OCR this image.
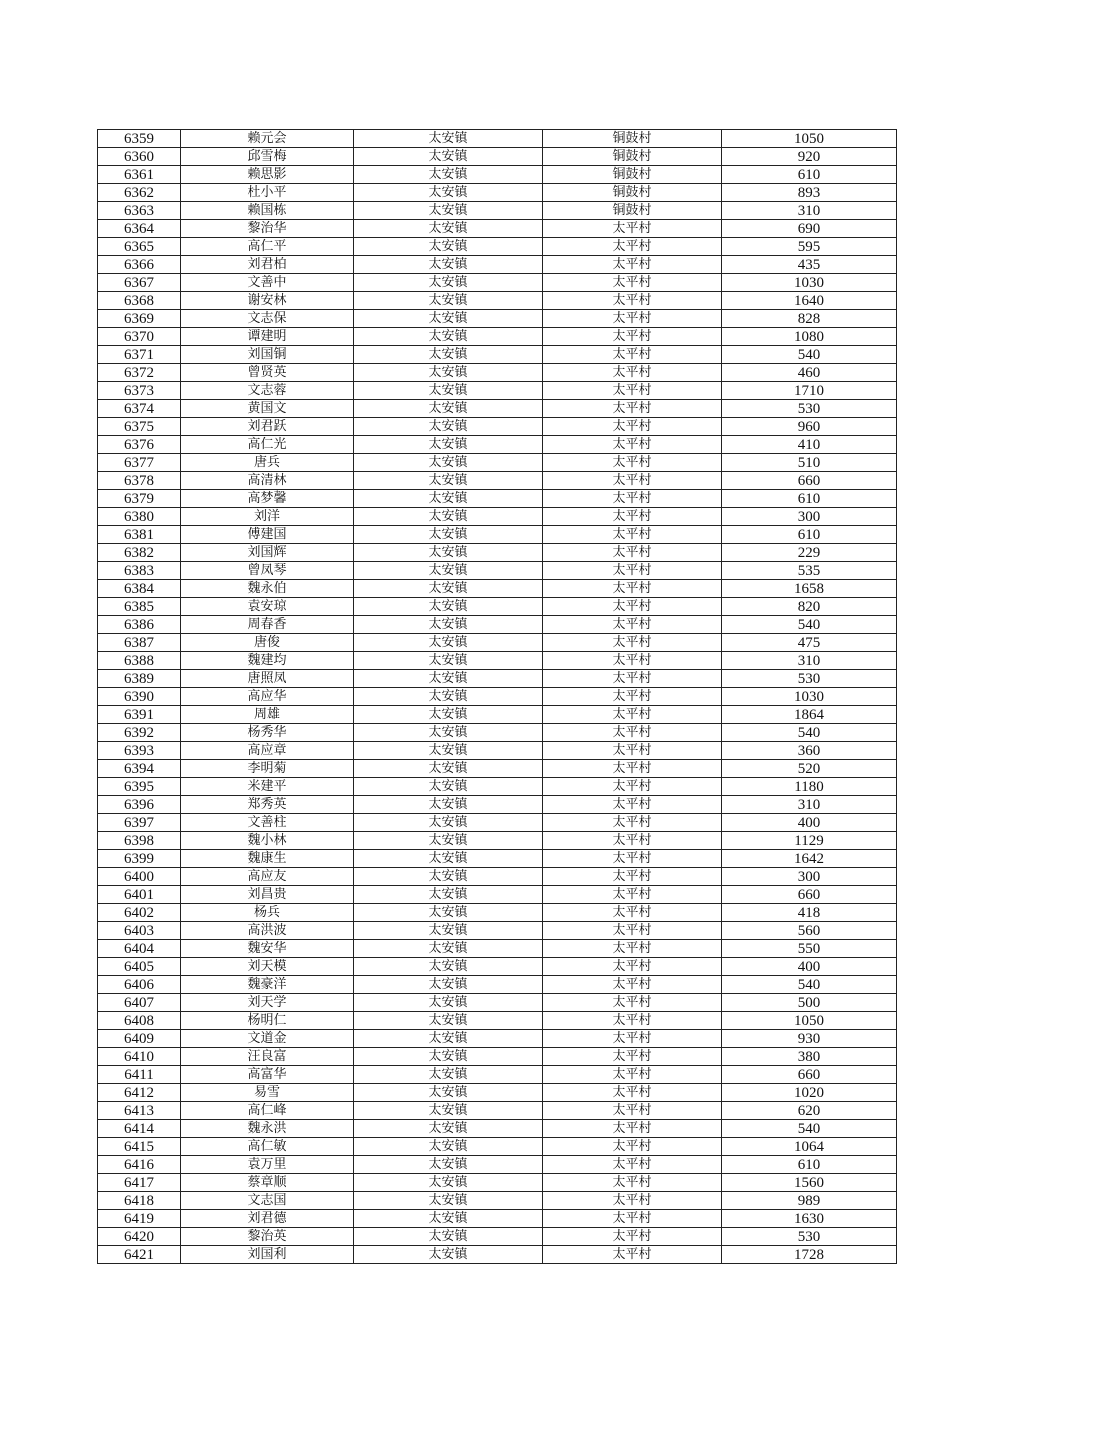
6359	赖元会	太安镇	铜鼓村	1050
6360	邱雪梅	太安镇	铜鼓村	920
6361	赖思影	太安镇	铜鼓村	610
6362	杜小平	太安镇	铜鼓村	893
6363	赖国栋	太安镇	铜鼓村	310
6364	黎治华	太安镇	太平村	690
6365	高仁平	太安镇	太平村	595
6366	刘君柏	太安镇	太平村	435
6367	文善中	太安镇	太平村	1030
6368	谢安林	太安镇	太平村	1640
6369	文志保	太安镇	太平村	828
6370	谭建明	太安镇	太平村	1080
6371	刘国铜	太安镇	太平村	540
6372	曾贤英	太安镇	太平村	460
6373	文志蓉	太安镇	太平村	1710
6374	黄国文	太安镇	太平村	530
6375	刘君跃	太安镇	太平村	960
6376	高仁光	太安镇	太平村	410
6377	唐兵	太安镇	太平村	510
6378	高清林	太安镇	太平村	660
6379	高梦馨	太安镇	太平村	610
6380	刘洋	太安镇	太平村	300
6381	傅建国	太安镇	太平村	610
6382	刘国辉	太安镇	太平村	229
6383	曾凤琴	太安镇	太平村	535
6384	魏永伯	太安镇	太平村	1658
6385	袁安琼	太安镇	太平村	820
6386	周春香	太安镇	太平村	540
6387	唐俊	太安镇	太平村	475
6388	魏建均	太安镇	太平村	310
6389	唐照凤	太安镇	太平村	530
6390	高应华	太安镇	太平村	1030
6391	周雄	太安镇	太平村	1864
6392	杨秀华	太安镇	太平村	540
6393	高应章	太安镇	太平村	360
6394	李明菊	太安镇	太平村	520
6395	米建平	太安镇	太平村	1180
6396	郑秀英	太安镇	太平村	310
6397	文善柱	太安镇	太平村	400
6398	魏小林	太安镇	太平村	1129
6399	魏康生	太安镇	太平村	1642
6400	高应友	太安镇	太平村	300
6401	刘昌贵	太安镇	太平村	660
6402	杨兵	太安镇	太平村	418
6403	高洪波	太安镇	太平村	560
6404	魏安华	太安镇	太平村	550
6405	刘天模	太安镇	太平村	400
6406	魏豪洋	太安镇	太平村	540
6407	刘天学	太安镇	太平村	500
6408	杨明仁	太安镇	太平村	1050
6409	文道金	太安镇	太平村	930
6410	汪良富	太安镇	太平村	380
6411	高富华	太安镇	太平村	660
6412	易雪	太安镇	太平村	1020
6413	高仁峰	太安镇	太平村	620
6414	魏永洪	太安镇	太平村	540
6415	高仁敏	太安镇	太平村	1064
6416	袁万里	太安镇	太平村	610
6417	蔡章顺	太安镇	太平村	1560
6418	文志国	太安镇	太平村	989
6419	刘君德	太安镇	太平村	1630
6420	黎治英	太安镇	太平村	530
6421	刘国利	太安镇	太平村	1728
